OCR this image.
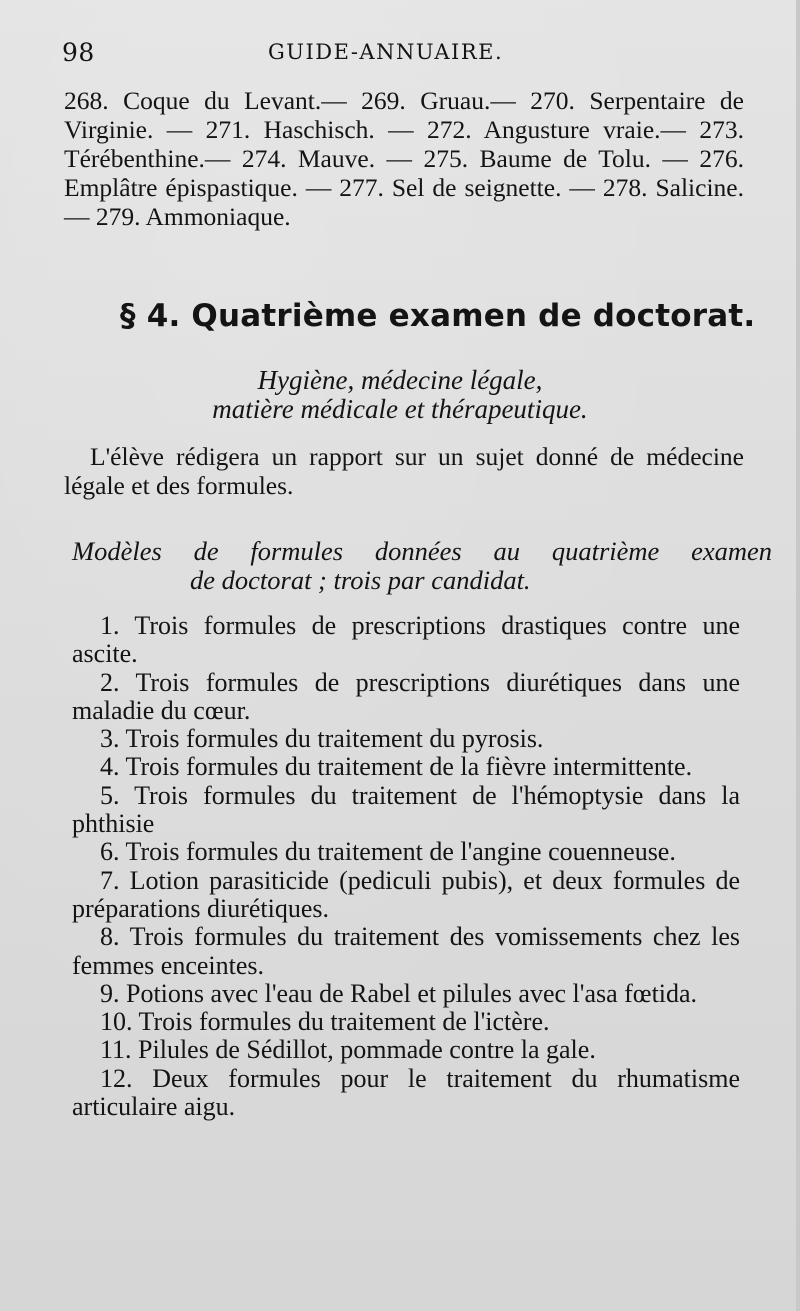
98	GUIDE-ANNUAIRE.
268. Coque du Levant.— 269. Gruau.— 270. Serpentaire de Virginie. — 271. Haschisch. — 272. Angusture vraie.— 273. Térébenthine.— 274. Mauve. — 275. Baume de Tolu. — 276. Emplâtre épispastique. — 277. Sel de seignette. — 278. Salicine. — 279. Ammoniaque.
§ 4. Quatrième examen de doctorat.
Hygiène, médecine légale,
matière médicale et thérapeutique.
L'élève rédigera un rapport sur un sujet donné de médecine légale et des formules.
Modèles de formules données au quatrième examen
de doctorat ; trois par candidat.

1. Trois formules de prescriptions drastiques contre une ascite.

2. Trois formules de prescriptions diurétiques dans une maladie du cœur.

3. Trois formules du traitement du pyrosis.

4. Trois formules du traitement de la fièvre intermittente.

5. Trois formules du traitement de l'hémoptysie dans la phthisie

6. Trois formules du traitement de l'angine couenneuse.

7. Lotion parasiticide (pediculi pubis), et deux formules de préparations diurétiques.

8. Trois formules du traitement des vomissements chez les femmes enceintes.

9. Potions avec l'eau de Rabel et pilules avec l'asa fœtida.

10. Trois formules du traitement de l'ictère.

11. Pilules de Sédillot, pommade contre la gale.

12. Deux formules pour le traitement du rhumatisme articulaire aigu.
